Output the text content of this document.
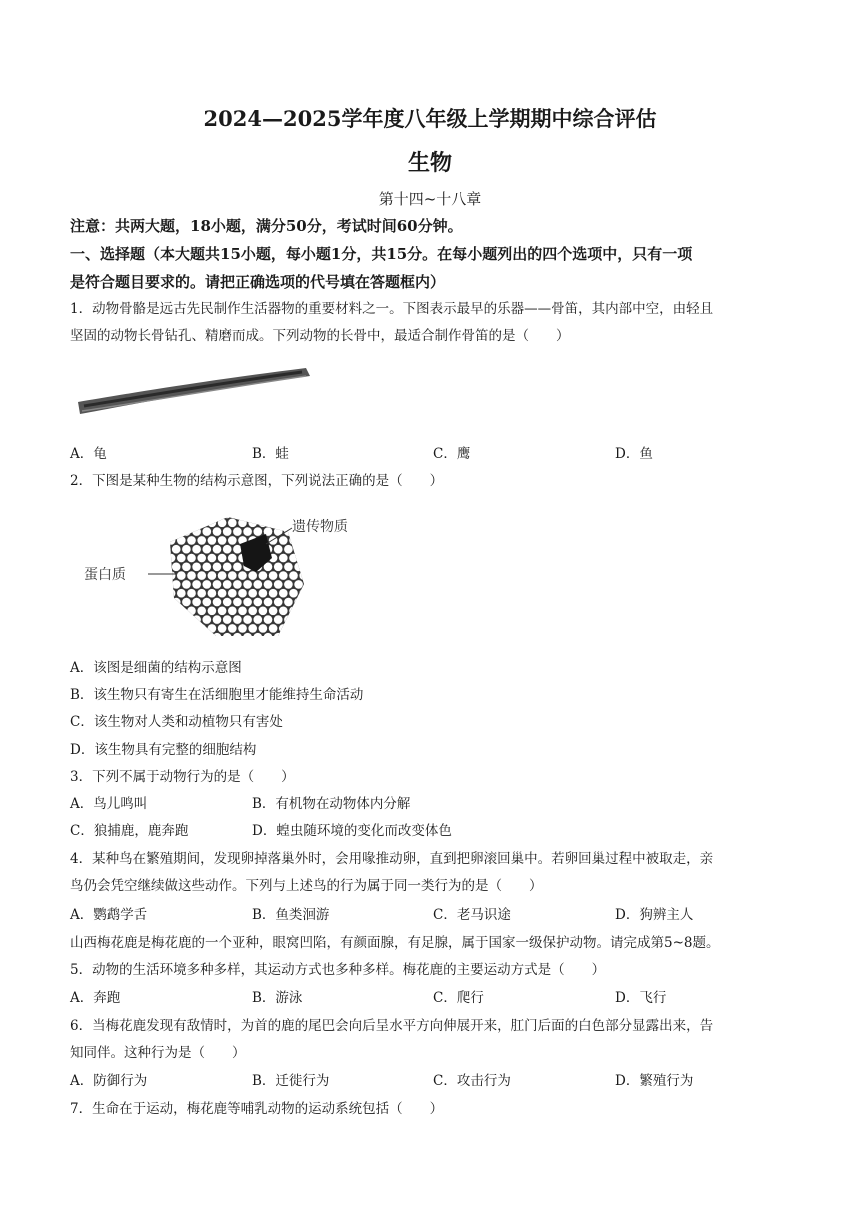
2024—2025学年度八年级上学期期中综合评估
生物
第十四~十八章
注意：共两大题，18小题，满分50分，考试时间60分钟。
一、选择题（本大题共15小题，每小题1分，共15分。在每小题列出的四个选项中，只有一项
是符合题目要求的。请把正确选项的代号填在答题框内）
1．动物骨骼是远古先民制作生活器物的重要材料之一。下图表示最早的乐器——骨笛，其内部中空，由轻且
坚固的动物长骨钻孔、精磨而成。下列动物的长骨中，最适合制作骨笛的是（　　）
A．龟	B．蛙	C．鹰	D．鱼
2．下图是某种生物的结构示意图，下列说法正确的是（　　）
遗传物质
蛋白质
A．该图是细菌的结构示意图
B．该生物只有寄生在活细胞里才能维持生命活动
C．该生物对人类和动植物只有害处
D．该生物具有完整的细胞结构
3．下列不属于动物行为的是（　　）
A．鸟儿鸣叫	B．有机物在动物体内分解
C．狼捕鹿，鹿奔跑	D．蝗虫随环境的变化而改变体色
4．某种鸟在繁殖期间，发现卵掉落巢外时，会用喙推动卵，直到把卵滚回巢中。若卵回巢过程中被取走，亲
鸟仍会凭空继续做这些动作。下列与上述鸟的行为属于同一类行为的是（　　）
A．鹦鹉学舌	B．鱼类洄游	C．老马识途	D．狗辨主人
山西梅花鹿是梅花鹿的一个亚种，眼窝凹陷，有颜面腺，有足腺，属于国家一级保护动物。请完成第5~8题。
5．动物的生活环境多种多样，其运动方式也多种多样。梅花鹿的主要运动方式是（　　）
A．奔跑	B．游泳	C．爬行	D．飞行
6．当梅花鹿发现有敌情时，为首的鹿的尾巴会向后呈水平方向伸展开来，肛门后面的白色部分显露出来，告
知同伴。这种行为是（　　）
A．防御行为	B．迁徙行为	C．攻击行为	D．繁殖行为
7．生命在于运动，梅花鹿等哺乳动物的运动系统包括（　　）
